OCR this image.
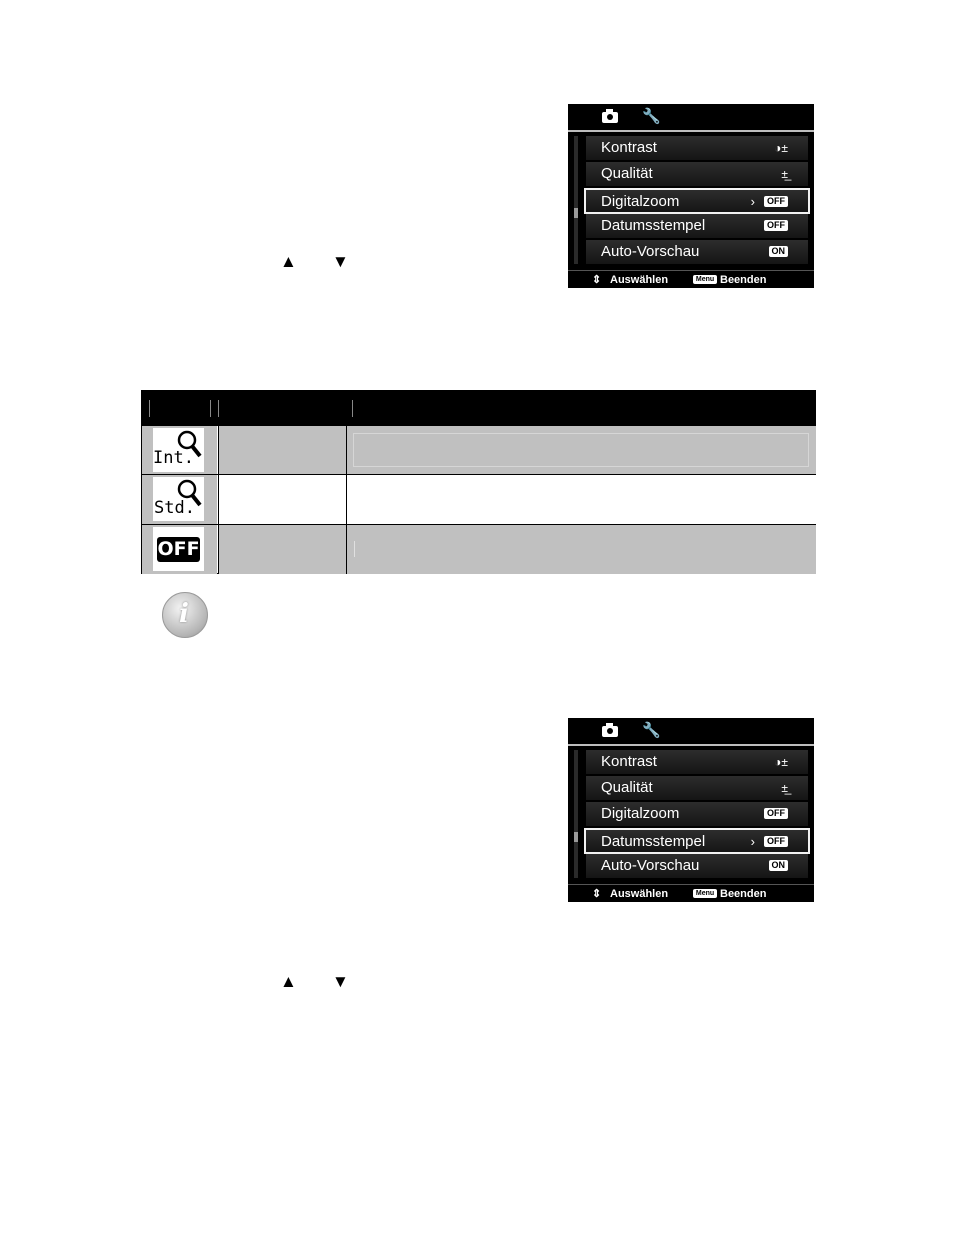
🔧
Kontrast	◑±
Qualität	±̲
Digitalzoom	›	OFF
Datumsstempel	OFF
Auto-Vorschau	ON
⇕ Auswählen	Menu Beenden
▲ ▼
Int.
Std.
OFF
i
🔧
Kontrast	◑±
Qualität	±̲
Digitalzoom	OFF
Datumsstempel	›	OFF
Auto-Vorschau	ON
⇕ Auswählen	Menu Beenden
▲ ▼
